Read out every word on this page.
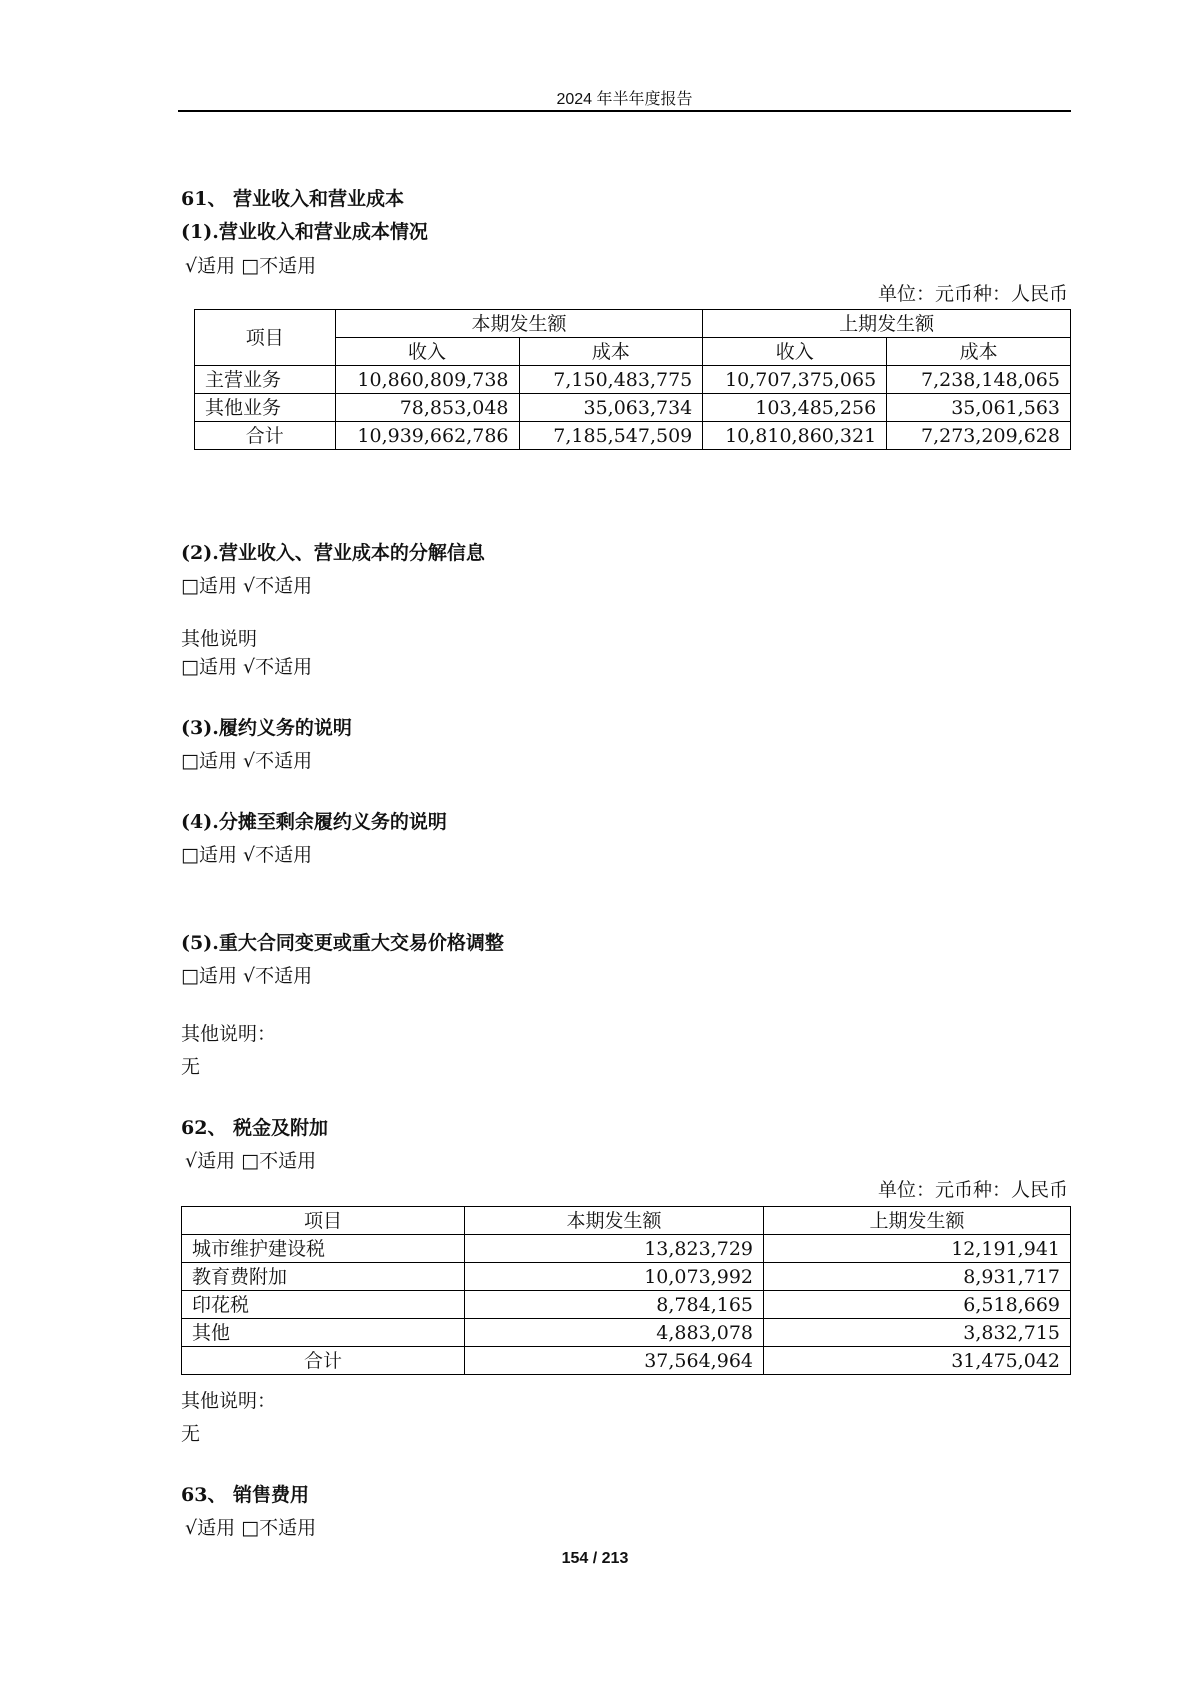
2024 年半年度报告
61、 营业收入和营业成本
(1).营业收入和营业成本情况
√适用 □不适用
单位：元币种：人民币
项目	本期发生额		上期发生额	
	收入	成本	收入	成本
主营业务	10,860,809,738	7,150,483,775	10,707,375,065	7,238,148,065
其他业务	78,853,048	35,063,734	103,485,256	35,061,563
合计	10,939,662,786	7,185,547,509	10,810,860,321	7,273,209,628
(2).营业收入、营业成本的分解信息
□适用 √不适用
其他说明
□适用 √不适用
(3).履约义务的说明
□适用 √不适用
(4).分摊至剩余履约义务的说明
□适用 √不适用
(5).重大合同变更或重大交易价格调整
□适用 √不适用
其他说明：
无
62、 税金及附加
√适用 □不适用
单位：元币种：人民币
项目	本期发生额	上期发生额
城市维护建设税	13,823,729	12,191,941
教育费附加	10,073,992	8,931,717
印花税	8,784,165	6,518,669
其他	4,883,078	3,832,715
合计	37,564,964	31,475,042
其他说明：
无
63、 销售费用
√适用 □不适用
154 / 213
